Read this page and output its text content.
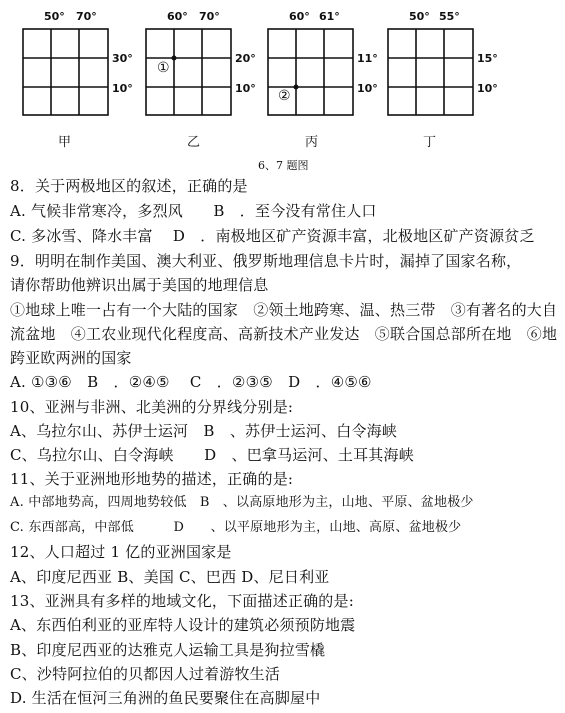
50° 70°
30°
10°
甲
60° 70°
20°
10°
①
乙
60° 61°
11°
10°
②
丙
50° 55°
15°
10°
丁
6、7 题图
8．关于两极地区的叙述，正确的是
A. 气候非常寒冷，多烈风　　B　．至今没有常住人口
C. 多冰雪、降水丰富　 D　．南极地区矿产资源丰富，北极地区矿产资源贫乏
9．明明在制作美国、澳大利亚、俄罗斯地理信息卡片时，漏掉了国家名称，
请你帮助他辨识出属于美国的地理信息
①地球上唯一占有一个大陆的国家　②领土地跨寒、温、热三带　③有著名的大自
流盆地　④工农业现代化程度高、高新技术产业发达　⑤联合国总部所在地　⑥地
跨亚欧两洲的国家
A. ①③⑥　B　．②④⑤　 C　．②③⑤　D　．④⑤⑥
10、亚洲与非洲、北美洲的分界线分别是:
A、乌拉尔山、苏伊士运河　B　、苏伊士运河、白令海峡
C、乌拉尔山、白令海峡　　D　、巴拿马运河、土耳其海峡
11、关于亚洲地形地势的描述，正确的是:
A. 中部地势高，四周地势较低　B　、以高原地形为主，山地、平原、盆地极少
C. 东西部高，中部低　　　D　　、以平原地形为主，山地、高原、盆地极少
12、人口超过 1 亿的亚洲国家是
A、印度尼西亚 B、美国 C、巴西 D、尼日利亚
13、亚洲具有多样的地域文化，下面描述正确的是:
A、东西伯利亚的亚库特人设计的建筑必须预防地震
B、印度尼西亚的达雅克人运输工具是狗拉雪橇
C、沙特阿拉伯的贝都因人过着游牧生活
D. 生活在恒河三角洲的鱼民要聚住在高脚屋中
